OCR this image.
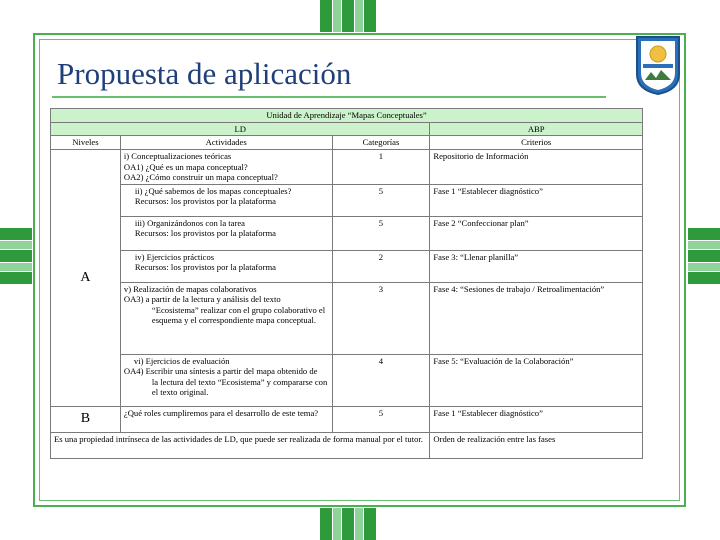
Propuesta de aplicación
Unidad de Aprendizaje “Mapas Conceptuales”			
LD			ABP
Niveles	Actividades	Categorías	Criterios
A	i) Conceptualizaciones teóricas
OA1) ¿Qué es un mapa conceptual?
OA2) ¿Cómo construir un mapa conceptual?	1	Repositorio de Información

	ii) ¿Qué sabemos de los mapas conceptuales?
Recursos: los provistos por la plataforma	5	Fase 1 “Establecer diagnóstico”

	iii) Organizándonos con la tarea
Recursos: los provistos por la plataforma	5	Fase 2 “Confeccionar plan”

	iv) Ejercicios prácticos
Recursos: los provistos por la plataforma	2	Fase 3: “Llenar planilla”

	v) Realización de mapas colaborativos
OA3) a partir de la lectura y análisis del texto
“Ecosistema” realizar con el grupo colaborativo el
esquema y el correspondiente mapa conceptual.	3	Fase 4: “Sesiones de trabajo / Retroalimentación”

	vi) Ejercicios de evaluación
OA4) Escribir una síntesis a partir del mapa obtenido de
la lectura del texto “Ecosistema” y compararse con
el texto original.	4	Fase 5: “Evaluación de la Colaboración”
B	¿Qué roles cumpliremos para el desarrollo de este tema?	5	Fase 1 “Establecer diagnóstico”
Es una propiedad intrínseca de las actividades de LD, que puede ser realizada de forma manual por el tutor.			Orden de realización entre las fases
